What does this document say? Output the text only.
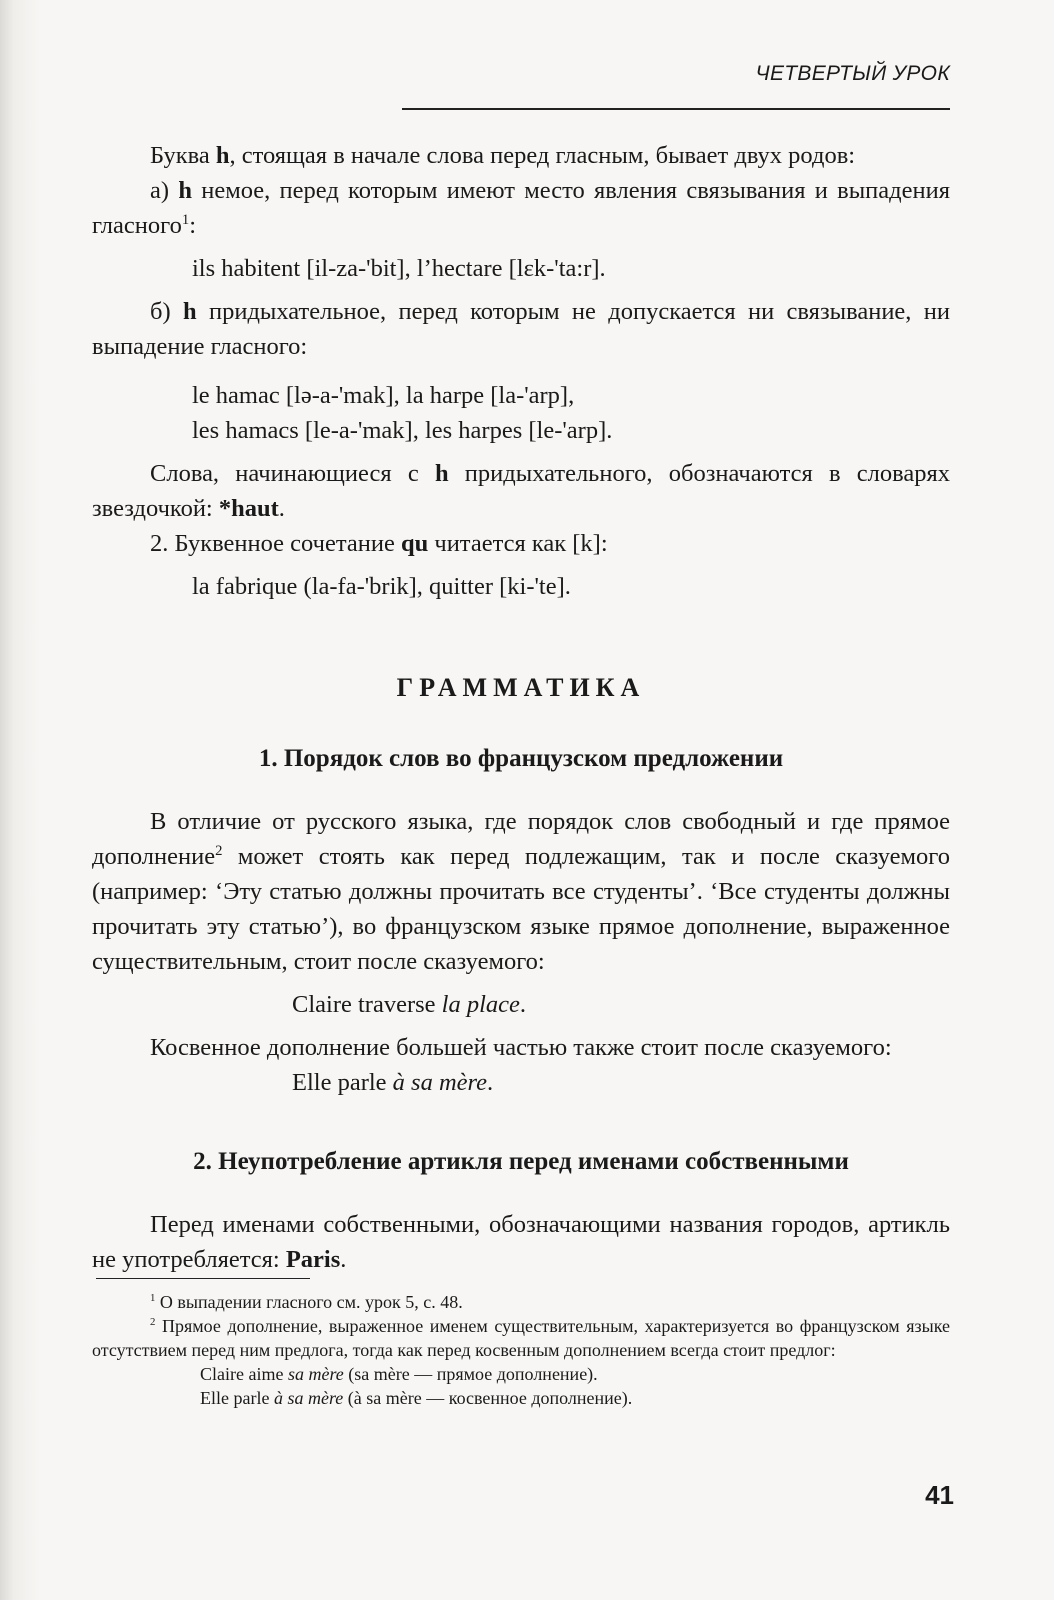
ЧЕТВЕРТЫЙ УРОК

Буква h, стоящая в начале слова перед гласным, бывает двух родов:

а) h немое, перед которым имеют место явления связывания и выпадения гласного$^1$:

ils habitent [il-za-'bit], l’hectare [lɛk-'ta:r].

б) h придыхательное, перед которым не допускается ни связывание, ни выпадение гласного:

le hamac [lə-a-'mak], la harpe [la-'arp],

les hamacs [le-a-'mak], les harpes [le-'arp].

Слова, начинающиеся с h придыхательного, обозначаются в словарях звездочкой: *haut.

2. Буквенное сочетание qu читается как [k]:

la fabrique (la-fa-'brik], quitter [ki-'te].

ГРАММАТИКА
1. Порядок слов во французском предложении

В отличие от русского языка, где порядок слов свободный и где прямое дополнение$^2$ может стоять как перед подлежащим, так и после сказуемого (например: ‘Эту статью должны прочитать все студенты’. ‘Все студенты должны прочитать эту статью’), во французском языке прямое дополнение, выраженное существительным, стоит после сказуемого:

Claire traverse la place.

Косвенное дополнение большей частью также стоит после сказуемого:

Elle parle à sa mère.

2. Неупотребление артикля перед именами собственными

Перед именами собственными, обозначающими названия городов, артикль не употребляется: Paris.

$^1$ О выпадении гласного см. урок 5, с. 48.

$^2$ Прямое дополнение, выраженное именем существительным, характеризуется во французском языке отсутствием перед ним предлога, тогда как перед косвенным дополнением всегда стоит предлог:

Claire aime sa mère (sa mère — прямое дополнение).

Elle parle à sa mère (à sa mère — косвенное дополнение).

41
